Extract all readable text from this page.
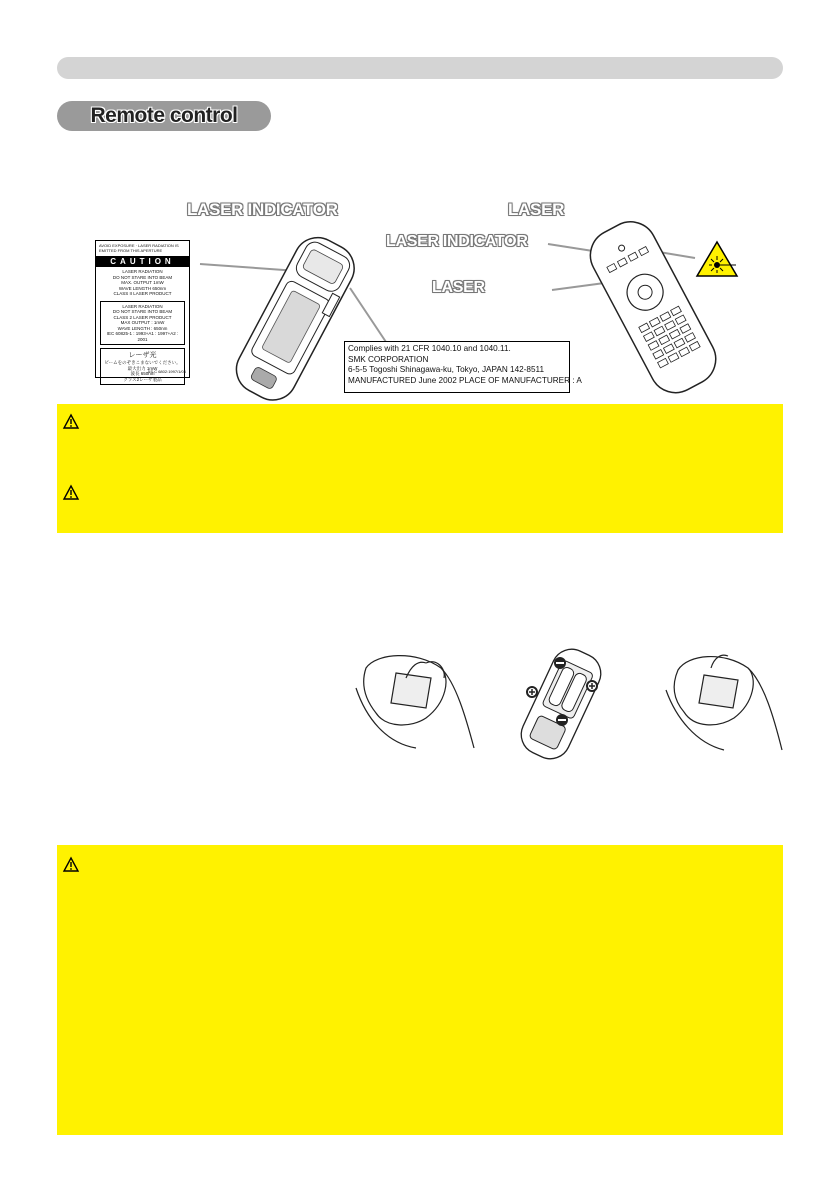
Remote control
LASER INDICATOR	LASER
LASER INDICATOR
LASER
AVOID EXPOSURE · LASER RADIATION IS EMITTED FROM THIS APERTURE
CAUTION
LASER RADIATION
DO NOT STARE INTO BEAM
MAX. OUTPUT 1mW
WAVE LENGTH 650nm
CLASS II LASER PRODUCT
LASER RADIATION
DO NOT STARE INTO BEAM
CLASS 2 LASER PRODUCT
MAX OUTPUT : 1mW
WAVE LENGTH : 650nm
IEC 60825-1 : 1993+A1 : 1997+A2 : 2001
レーザ光
ビームをのぞきこまないでください。
最大出力 1mW
波長 650nm
クラス2レーザ製品
JIS C 6802:1997/1/06
Complies with 21 CFR 1040.10 and 1040.11.
SMK CORPORATION
6-5-5 Togoshi Shinagawa-ku, Tokyo, JAPAN 142-8511
MANUFACTURED June 2002 PLACE OF MANUFACTURER : A
